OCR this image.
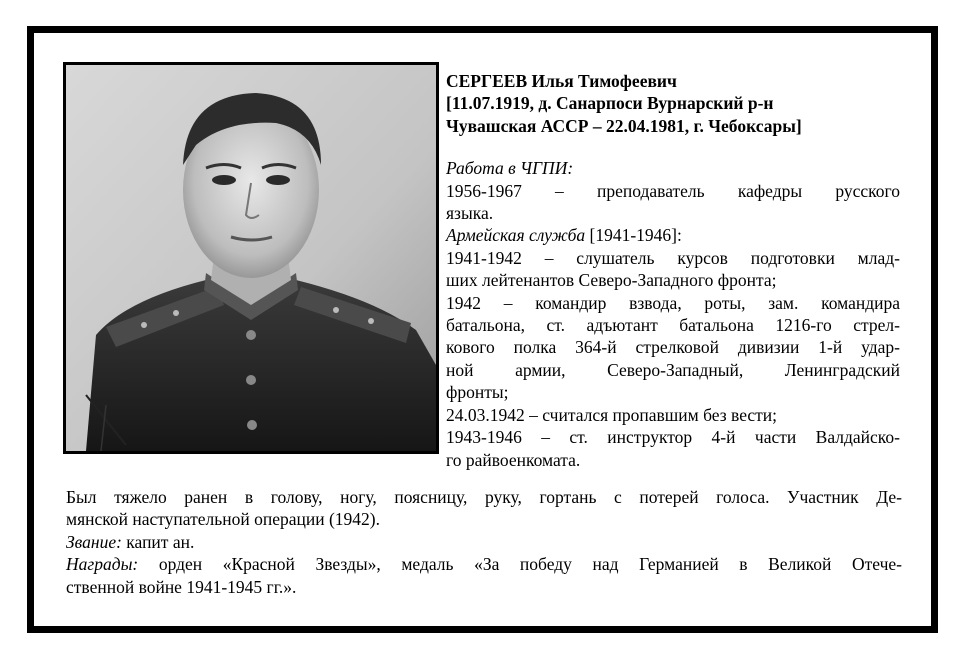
СЕРГЕЕВ Илья Тимофеевич

[11.07.1919, д. Санарпоси Вурнарский р-н

Чувашская АССР – 22.04.1981, г. Чебоксары]

Работа в ЧГПИ:

1956-1967 – преподаватель кафедры русского

языка.

Армейская служба [1941-1946]:

1941-1942 – слушатель курсов подготовки млад-

ших лейтенантов Северо-Западного фронта;

1942 – командир взвода, роты, зам. командира

батальона, ст. адъютант батальона 1216-го стрел-

кового полка 364-й стрелковой дивизии 1-й удар-

ной армии, Северо-Западный, Ленинградский

фронты;

24.03.1942 – считался пропавшим без вести;

1943-1946 – ст. инструктор 4-й части Валдайско-

го райвоенкомата.

Был тяжело ранен в голову, ногу, поясницу, руку, гортань с потерей голоса. Участник Де-

мянской наступательной операции (1942).

Звание: капит ан.

Награды: орден «Красной Звезды», медаль «За победу над Германией в Великой Отече-

ственной войне 1941-1945 гг.».
